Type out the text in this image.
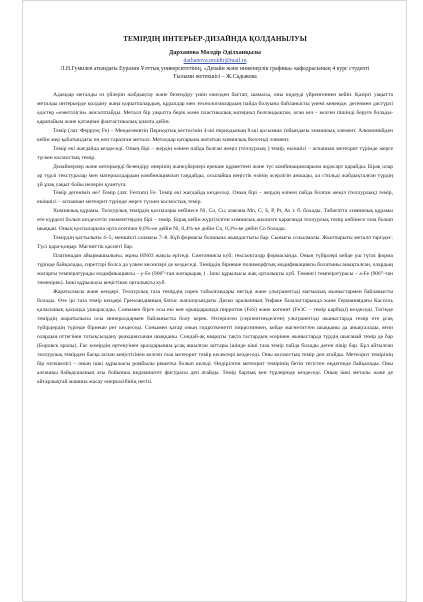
ТЕМІРДІҢ ИНТЕРЬЕР-ДИЗАЙНДА ҚОЛДАНЫЛУЫ
Дарханова Мөлдір Әділханқызы
darhanova.moldir@mail.ru
Л.Н.Гумилев атындағы Еуразия Ұлттық университетінің, «Дизайн және инженерлік графика» кафедрасының 4 курс студенті
Ғылыми жетекшісі – Ж.Садыкова

Адамдар металды өз үйлерін жабдықтау және безендіру үшін ежелден бастап, шамасы, оны өңдеуді үйренгеннен кейін. Қазіргі уақытта металды интерьерде қолдану жаңа қорытпалардың, құралдар мен технологиялардың пайда болуына байланысты үнемі кеңеюде, дегенмен дәстүрлі әдістер «өзектілігін» жоғалтпайды. Металл бір уақытта берік және пластикалық материал болғандықтан, оған кез – келген пішінді беруге болады-қарапайым және қатаңнан фантастикалық қиялға дейін.

Темір (лат. Феррум; Fe) – Менделеевтің Периодтық кестесінің 4-ші периодының 8-ші қосымша тобындағы химиялық элемент. Алюминийден кейін жер қабатындағы ең көп таралған металл. Металдар қатарына жататын химиялық белсенді элемент.

Темір екі жағдайда кездеседі. Оның бірі – жердің өзінен пайда болған жеңіл (теллурлық ) темір, екіншісі – аспаннан метеорит түрінде жерге түскен космостық темір.

Дизайнерлер және интерьерді безендіру өнерінің жанкүйерлері ерекше құрметпен және түс комбинацияларына жұмсарт қарайды. Бірақ олар әр түрлі текстуралар мен материалдардың комбинациясын таңдайды, осылайша кеңістік өзінің әсерлігін аншады, ал стильді жабдықталған түрдің үй ұзақ уақыт бойы иелерін қуантуға.

Темір дегеніміз не? Темір (лат. Ferrum) Fe. Темір екі жағдайда кездеседі. Оның бірі – жердің өзінен пайда болған жеңіл (теллурлық) темір, екіншісі – аспаннан метеорит түрінде жерге түскен космостық темір.

Химиялық құрамы. Теллурлық темірдің қоспалары кебінесе Ni, Co, Cu; азағана Mn, C, S, P, Pt, As т. б. болады. Табиғатта химиялық құрамы өте күрделі болып кездесетін элементтердің бірі – темір. Бірақ кейін жүргізілген химиялық анализге қарағанда теллурлық темір көбінесе таза болып шыққан. Оның қоспаларына орта есеппен 0,6%-ке дейін Ni, 0,4%-ке дейін Cu, 0,3%-ке дейін Co болады.

Темірдің қаттылығы 4–5; меншікті салмағы 7–8. Күй формасы болшына жымдастығы бар. Сынығы созылмалы. Жылтырығы металл тәріздес. Түсі қара-қоңыр. Магниттік қасиеті бар.

Платинадан айырмашылығы, мұны HN03 жақсы ерітеді. Сингониясы куб; гексаоктаэдр формасында. Оның түйірлері кейде үш түтас форма түрінде байқалады, сиреттірі болса да үлкен кесектері де кездеседі. Темірдің бірнеше полиморфтық модификациясы болатыны анықталған, олардың жоғарғы температурады модификациясы – γ-Fe (906°-тан жоғарырақ ) . Ішкі құрылысы жақ орталықты куб. Төменгі температурасы – a-Fe (906°-тан төменірек). Ішкі құрылысы кеңістікке орталықты куб.

Жаратылысы және кендері. Теллурлық таза темірдің сирек табылғандары негізді және ультранегізді магмалық жыныстармен байланысты болады. Өте ірі таза темір кендері Гренландияның батыс жағалауындағы Диско аралынның Уифаке базальттарында және Германиядағы Кассель қаласының қасында ушырасады. Сонымен бірге осы екі кен орындарында пирротин (FeS) және когенит (Fe3C – темір карбиді) кездеседі. Тегінде темірдің жаратылысы осы минералдармен байланысты болу керек. Өзгерілген (серпентинделген) ультранегізді жыныстарда темір өте ұсақ түйірдердің түрінде бірнеше рет кездеседі. Сонымен қатар оның гидроткенетті пирротиннен, кейде магнетиттен шыққаны да анықталады, яғни олардың оттегінен тотықсыздану реакциясынан шыққаны. Сондай-ақ кварцты тақта тастардың әсерінен жыныстарда түрдің шығанай темір де бар (Боровск аралы). Ғаc көмірдің өртенуінен аралдарынша ұсақ ашылған заттары ішінде кіші таза темір пайда болады деген пікір бар. Бұл айтылған теллурлық темірден басқа аспан кеңістігінен келген таза метеорит темір кесектері кездеседі. Оны космостық темір деп атайды. Метеорит темірінің бір өзгешелігі – оның ішкі құрылысы ромбылы решеткa болып келеді. Өндірілген метеорит темірінің бетін тегістеп өңдегенде байқалады. Оны алғашқы байқаушының аты бойынша видманштет фигурасы деп атайды. Темір барлық кен түрлерінде кездеседі. Оның ішкі металы және де айтарлықтай машина жасау өнеркәсібінің негізі.
